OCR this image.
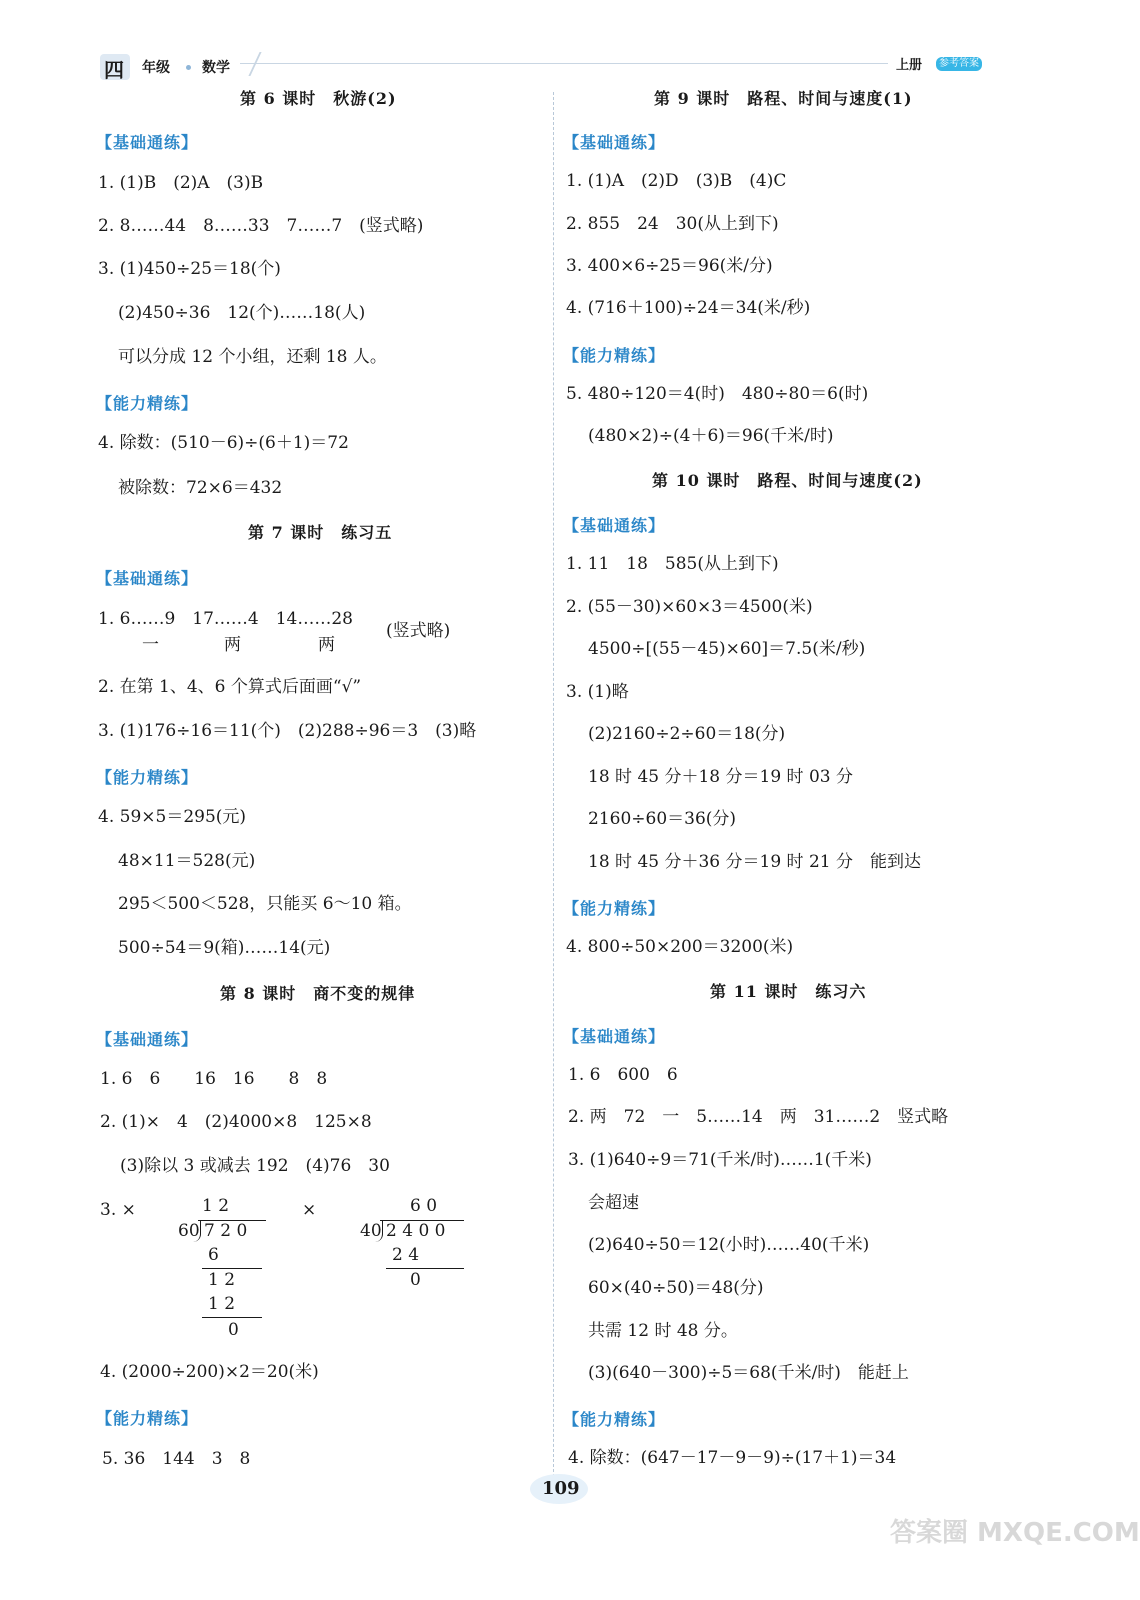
四 年级 数学	上册	参考答案
第 6 课时　秋游(2)
【基础通练】
1. (1)B　(2)A　(3)B
2. 8……44　8……33　7……7　(竖式略)
3. (1)450÷25＝18(个)
(2)450÷36　12(个)……18(人)
可以分成 12 个小组，还剩 18 人。
【能力精练】
4. 除数：(510－6)÷(6＋1)＝72
被除数：72×6＝432
第 7 课时　练习五
【基础通练】
1. 6……9　17……4　14……28
一	两	两
(竖式略)
2. 在第 1、4、6 个算式后面画“√”
3. (1)176÷16＝11(个)　(2)288÷96＝3　(3)略
【能力精练】
4. 59×5＝295(元)
48×11＝528(元)
295＜500＜528，只能买 6～10 箱。
500÷54＝9(箱)……14(元)
第 8 课时　商不变的规律
【基础通练】
1. 6　6　　16　16　　8　8
2. (1)×　4　(2)4000×8　125×8
(3)除以 3 或减去 192　(4)76　30
3. ×	×
1 2
60 7 2 0
6
1 2
1 2
0
6 0
40 2 4 0 0
2 4
0
4. (2000÷200)×2＝20(米)
【能力精练】
5. 36　144　3　8
第 9 课时　路程、时间与速度(1)
【基础通练】
1. (1)A　(2)D　(3)B　(4)C
2. 855　24　30(从上到下)
3. 400×6÷25＝96(米/分)
4. (716＋100)÷24＝34(米/秒)
【能力精练】
5. 480÷120＝4(时)　480÷80＝6(时)
(480×2)÷(4＋6)＝96(千米/时)
第 10 课时　路程、时间与速度(2)
【基础通练】
1. 11　18　585(从上到下)
2. (55－30)×60×3＝4500(米)
4500÷[(55－45)×60]＝7.5(米/秒)
3. (1)略
(2)2160÷2÷60＝18(分)
18 时 45 分＋18 分＝19 时 03 分
2160÷60＝36(分)
18 时 45 分＋36 分＝19 时 21 分　能到达
【能力精练】
4. 800÷50×200＝3200(米)
第 11 课时　练习六
【基础通练】
1. 6　600　6
2. 两　72　一　5……14　两　31……2　竖式略
3. (1)640÷9＝71(千米/时)……1(千米)
会超速
(2)640÷50＝12(小时)……40(千米)
60×(40÷50)＝48(分)
共需 12 时 48 分。
(3)(640－300)÷5＝68(千米/时)　能赶上
【能力精练】
4. 除数：(647－17－9－9)÷(17＋1)＝34
109
答案圈 MXQE.COM
